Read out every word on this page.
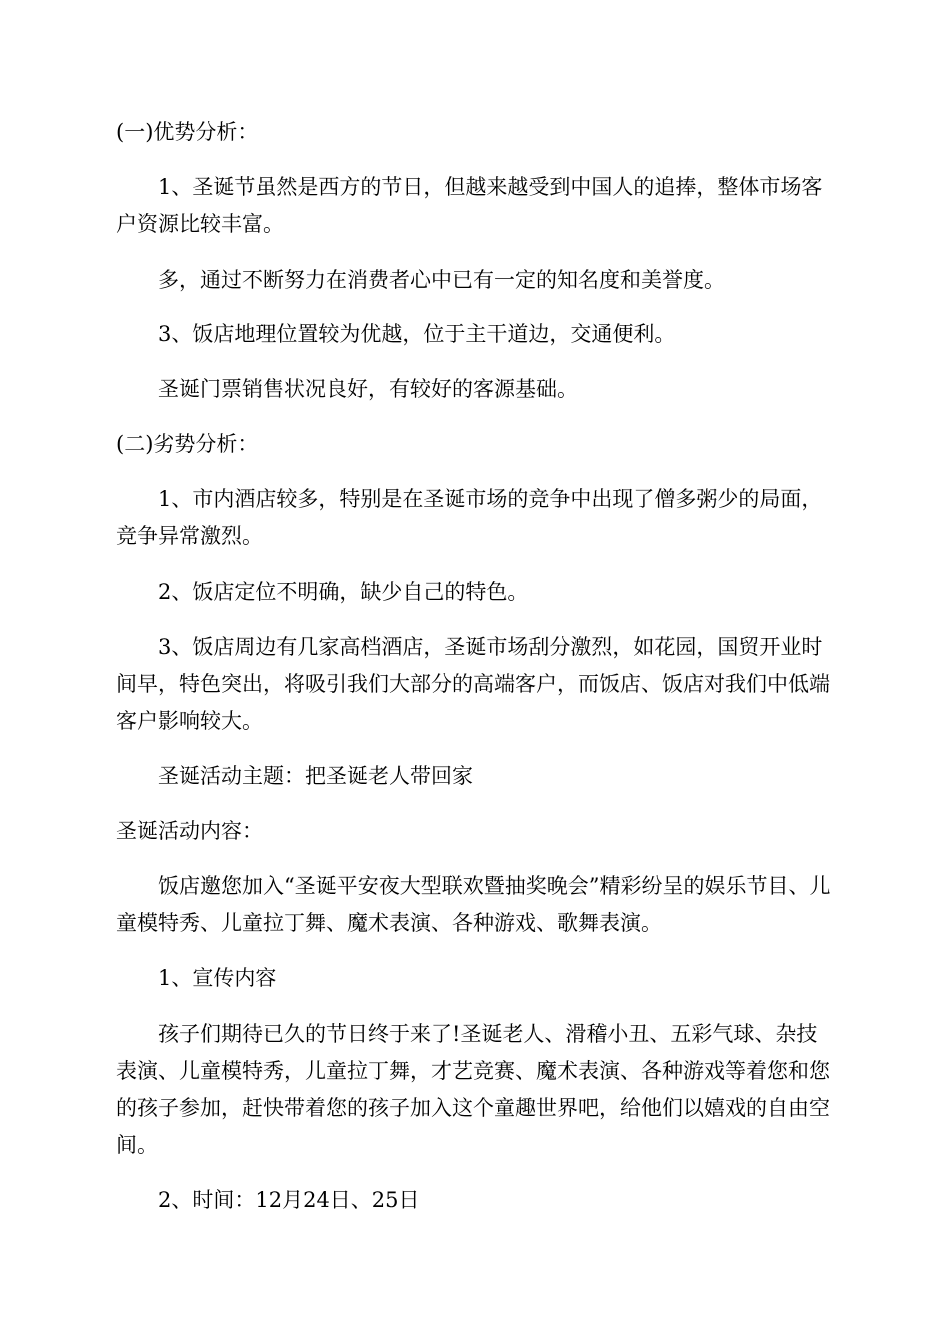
(一)优势分析：

1、圣诞节虽然是西方的节日，但越来越受到中国人的追捧，整体市场客户资源比较丰富。

多，通过不断努力在消费者心中已有一定的知名度和美誉度。

3、饭店地理位置较为优越，位于主干道边，交通便利。

圣诞门票销售状况良好，有较好的客源基础。

(二)劣势分析：

1、市内酒店较多，特别是在圣诞市场的竞争中出现了僧多粥少的局面，竞争异常激烈。

2、饭店定位不明确，缺少自己的特色。

3、饭店周边有几家高档酒店，圣诞市场刮分激烈，如花园，国贸开业时间早，特色突出，将吸引我们大部分的高端客户，而饭店、饭店对我们中低端客户影响较大。

圣诞活动主题：把圣诞老人带回家

圣诞活动内容：

饭店邀您加入“圣诞平安夜大型联欢暨抽奖晚会”精彩纷呈的娱乐节目、儿童模特秀、儿童拉丁舞、魔术表演、各种游戏、歌舞表演。

1、宣传内容

孩子们期待已久的节日终于来了!圣诞老人、滑稽小丑、五彩气球、杂技表演、儿童模特秀，儿童拉丁舞，才艺竞赛、魔术表演、各种游戏等着您和您的孩子参加，赶快带着您的孩子加入这个童趣世界吧，给他们以嬉戏的自由空间。

2、时间：12月24日、25日
